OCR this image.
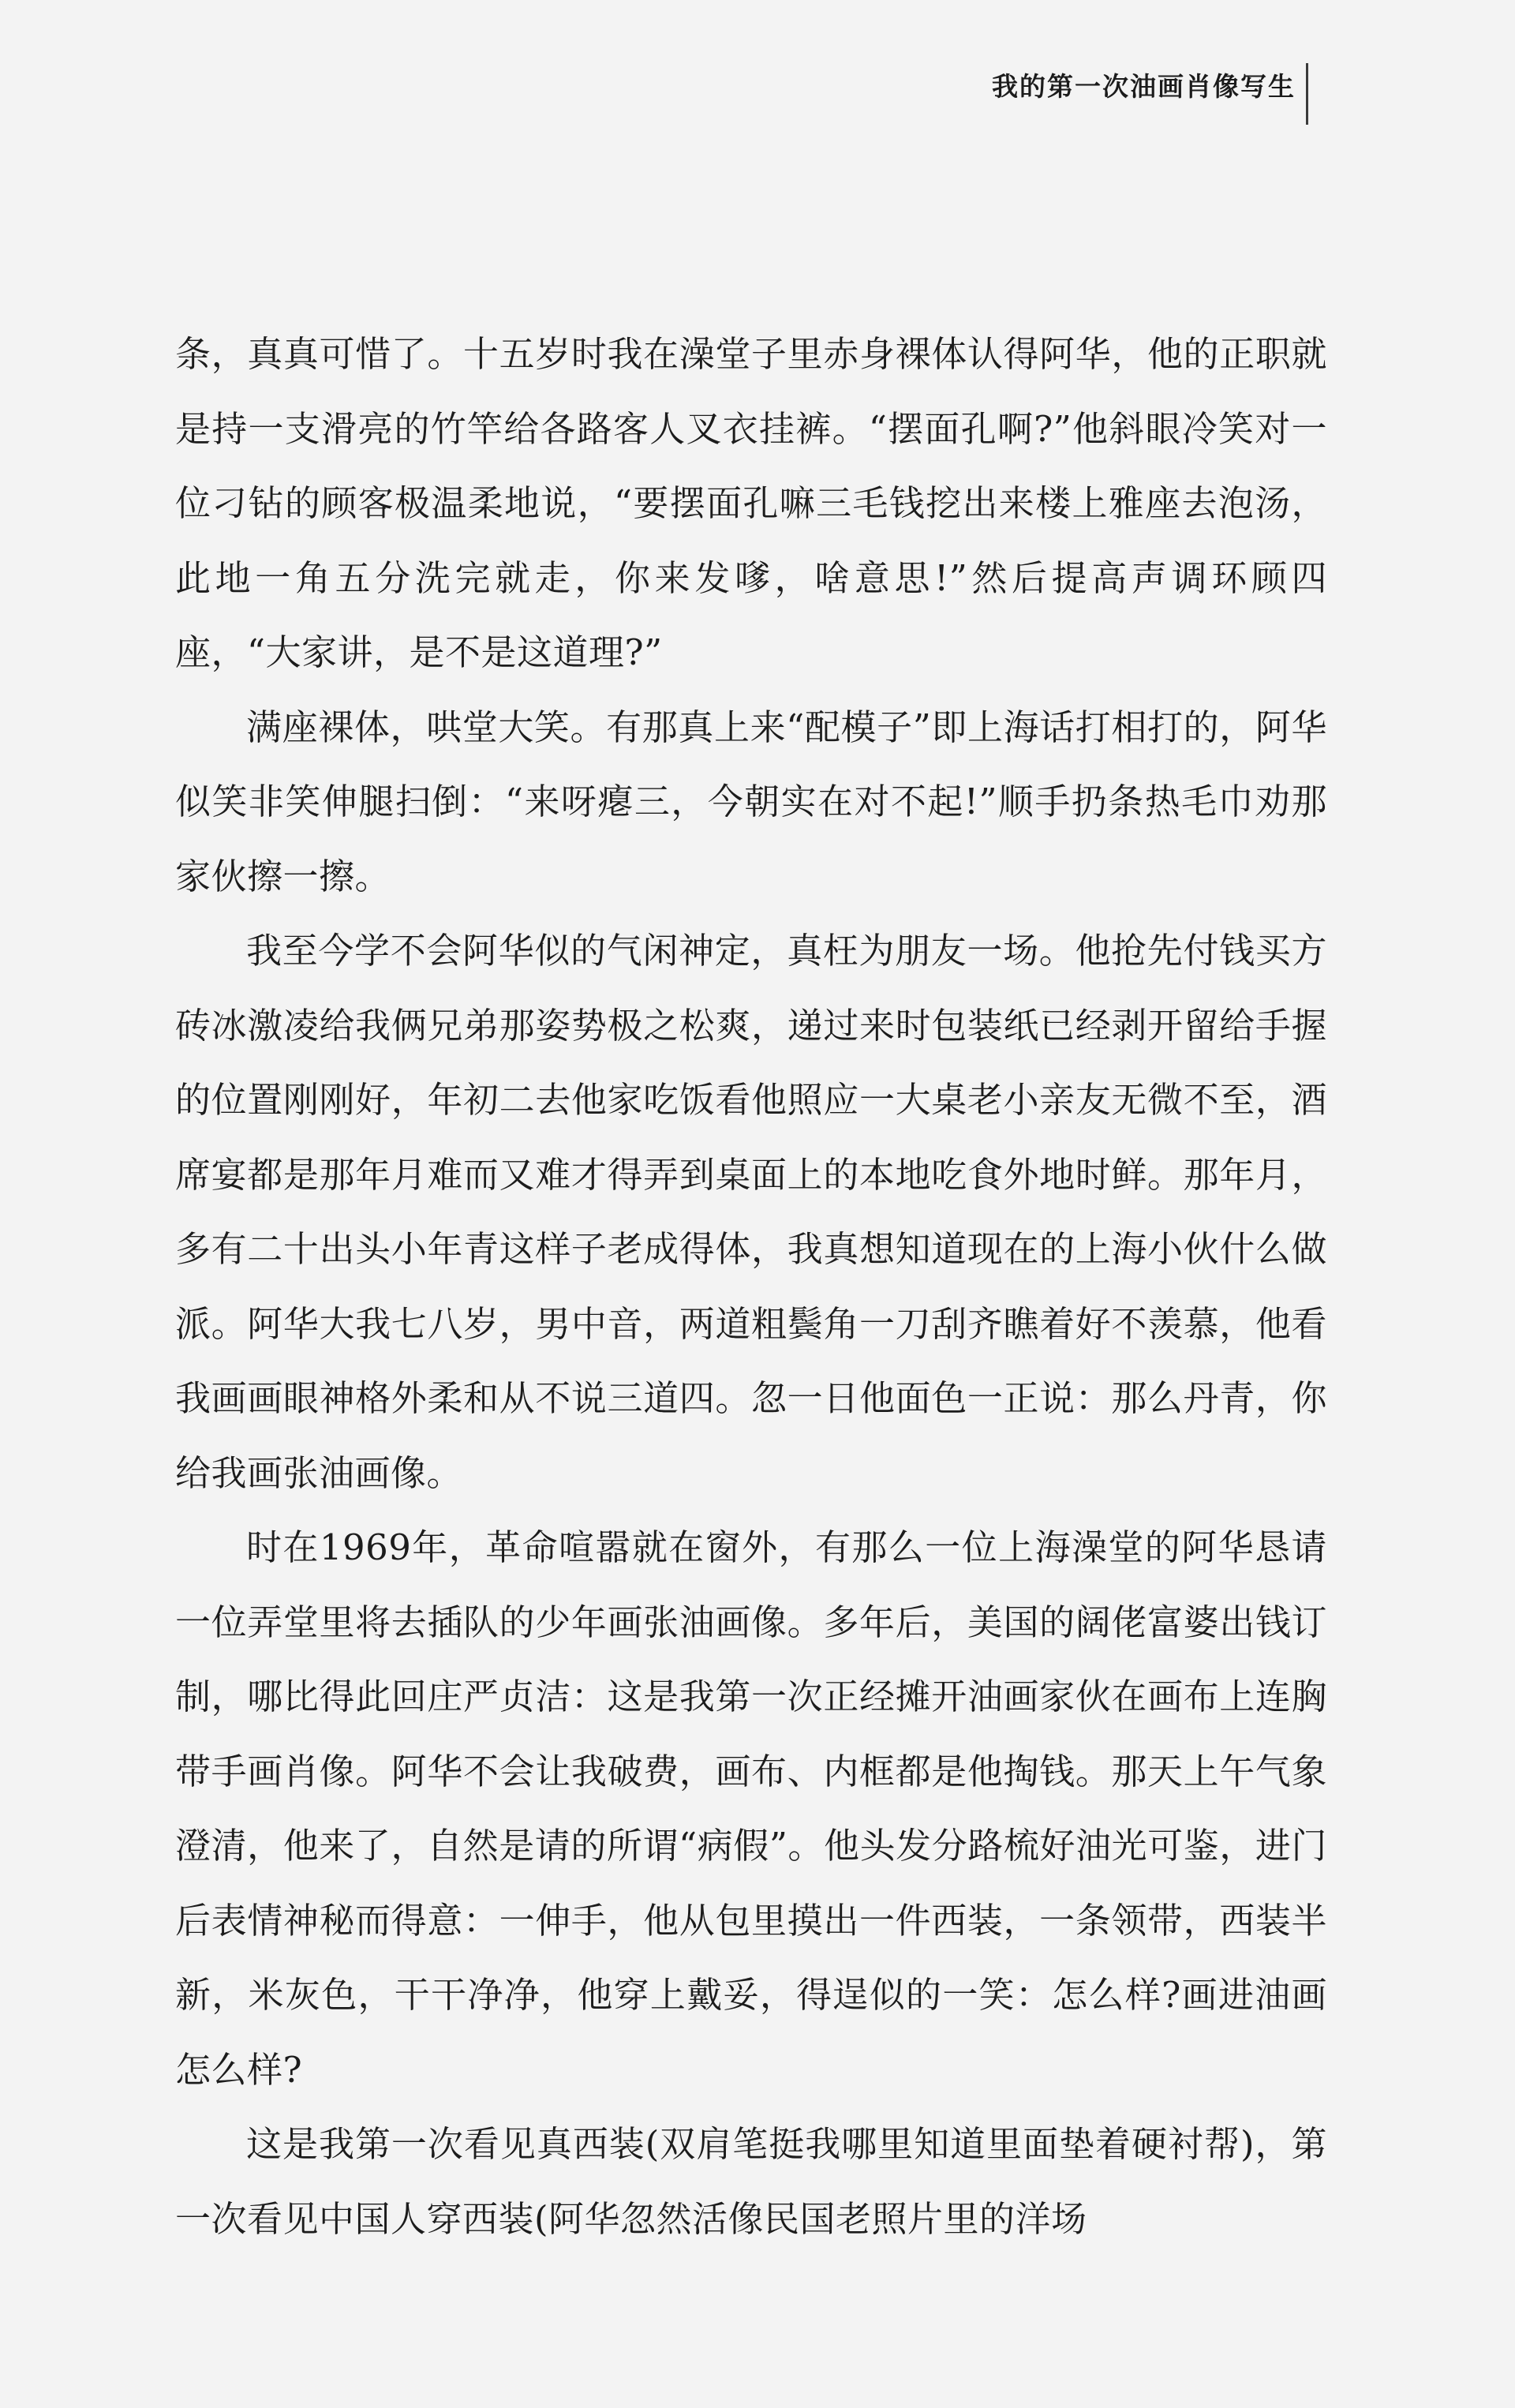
我的第一次油画肖像写生

条，真真可惜了。十五岁时我在澡堂子里赤身裸体认得阿华，他的正职就是持一支滑亮的竹竿给各路客人叉衣挂裤。“摆面孔啊?”他斜眼冷笑对一位刁钻的顾客极温柔地说，“要摆面孔嘛三毛钱挖出来楼上雅座去泡汤，此地一角五分洗完就走，你来发嗲，啥意思!”然后提高声调环顾四座，“大家讲，是不是这道理?”

满座裸体，哄堂大笑。有那真上来“配模子”即上海话打相打的，阿华似笑非笑伸腿扫倒：“来呀瘪三，今朝实在对不起!”顺手扔条热毛巾劝那家伙擦一擦。

我至今学不会阿华似的气闲神定，真枉为朋友一场。他抢先付钱买方砖冰激凌给我俩兄弟那姿势极之松爽，递过来时包装纸已经剥开留给手握的位置刚刚好，年初二去他家吃饭看他照应一大桌老小亲友无微不至，酒席宴都是那年月难而又难才得弄到桌面上的本地吃食外地时鲜。那年月，多有二十出头小年青这样子老成得体，我真想知道现在的上海小伙什么做派。阿华大我七八岁，男中音，两道粗鬓角一刀刮齐瞧着好不羡慕，他看我画画眼神格外柔和从不说三道四。忽一日他面色一正说：那么丹青，你给我画张油画像。

时在1969年，革命喧嚣就在窗外，有那么一位上海澡堂的阿华恳请一位弄堂里将去插队的少年画张油画像。多年后，美国的阔佬富婆出钱订制，哪比得此回庄严贞洁：这是我第一次正经摊开油画家伙在画布上连胸带手画肖像。阿华不会让我破费，画布、内框都是他掏钱。那天上午气象澄清，他来了，自然是请的所谓“病假”。他头发分路梳好油光可鉴，进门后表情神秘而得意：一伸手，他从包里摸出一件西装，一条领带，西装半新，米灰色，干干净净，他穿上戴妥，得逞似的一笑：怎么样?画进油画怎么样?

这是我第一次看见真西装(双肩笔挺我哪里知道里面垫着硬衬帮)，第一次看见中国人穿西装(阿华忽然活像民国老照片里的洋场
